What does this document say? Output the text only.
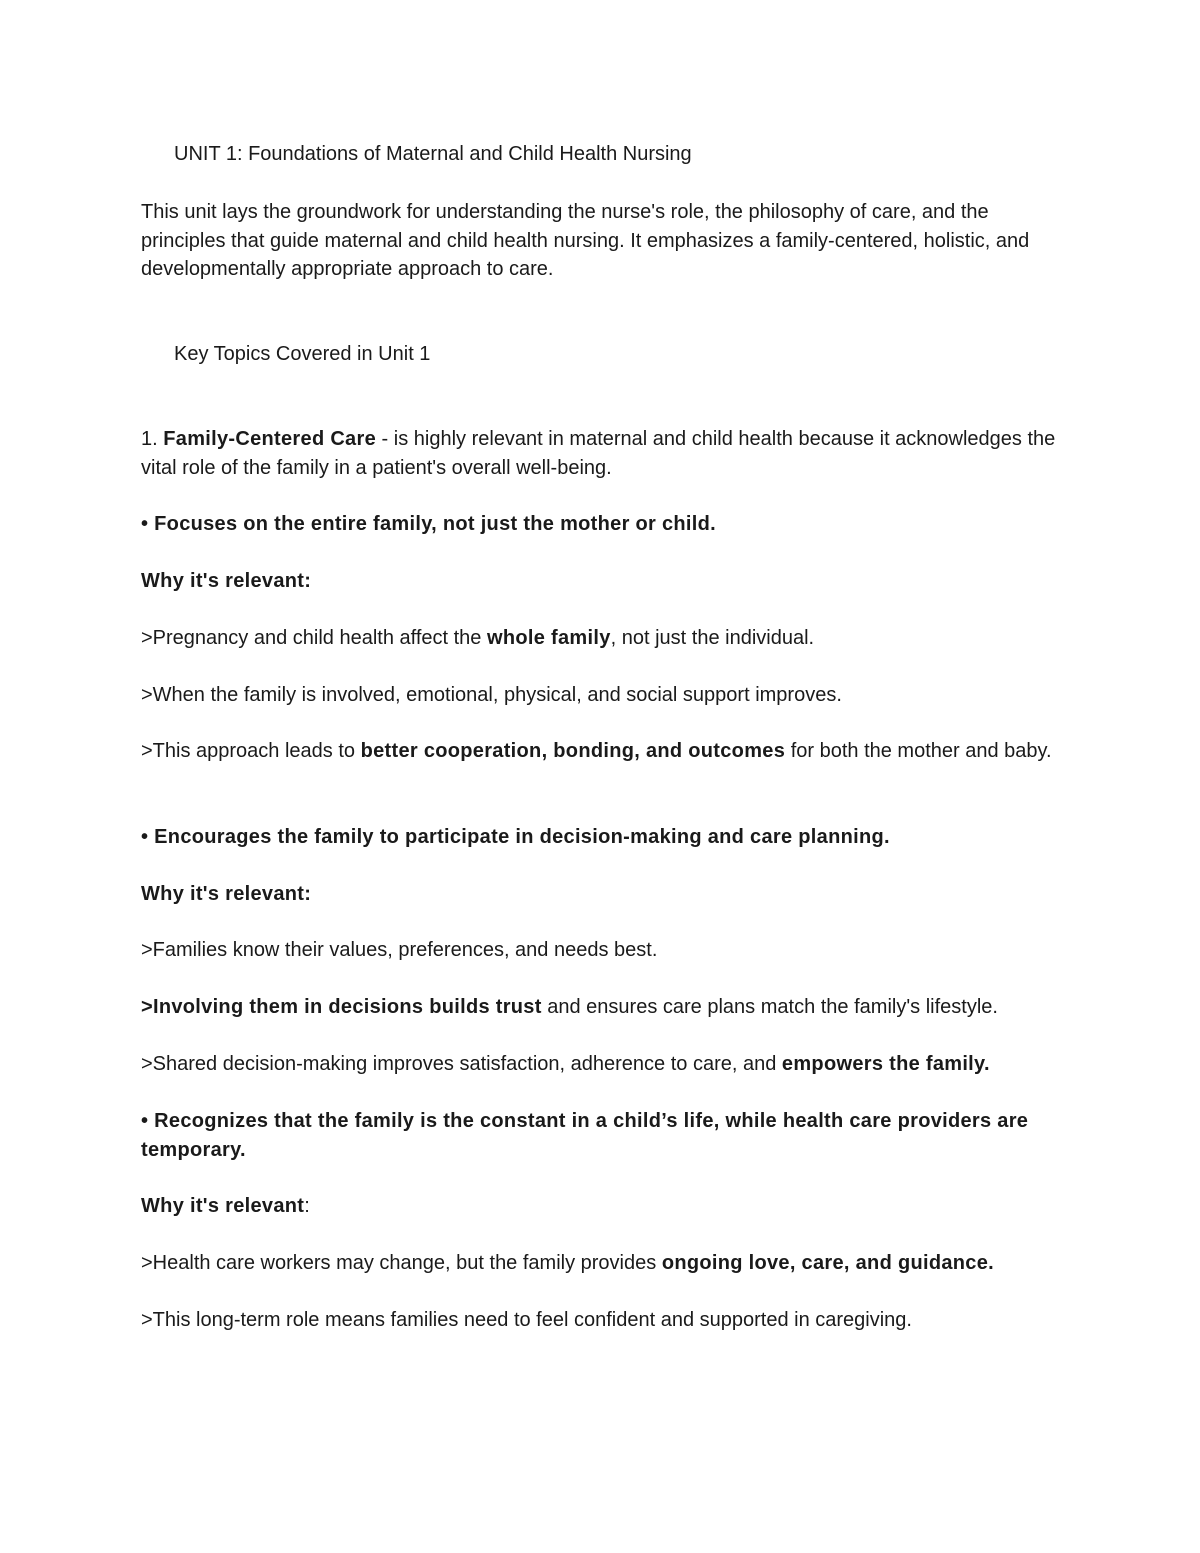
UNIT 1: Foundations of Maternal and Child Health Nursing

This unit lays the groundwork for understanding the nurse's role, the philosophy of care, and the principles that guide maternal and child health nursing. It emphasizes a family-centered, holistic, and developmentally appropriate approach to care.

Key Topics Covered in Unit 1

1. Family-Centered Care - is highly relevant in maternal and child health because it acknowledges the vital role of the family in a patient's overall well-being.

• Focuses on the entire family, not just the mother or child.

Why it's relevant:

>Pregnancy and child health affect the whole family, not just the individual.

>When the family is involved, emotional, physical, and social support improves.

>This approach leads to better cooperation, bonding, and outcomes for both the mother and baby.

• Encourages the family to participate in decision-making and care planning.

Why it's relevant:

>Families know their values, preferences, and needs best.

>Involving them in decisions builds trust and ensures care plans match the family's lifestyle.

>Shared decision-making improves satisfaction, adherence to care, and empowers the family.

• Recognizes that the family is the constant in a child’s life, while health care providers are temporary.

Why it's relevant:

>Health care workers may change, but the family provides ongoing love, care, and guidance.

>This long-term role means families need to feel confident and supported in caregiving.
